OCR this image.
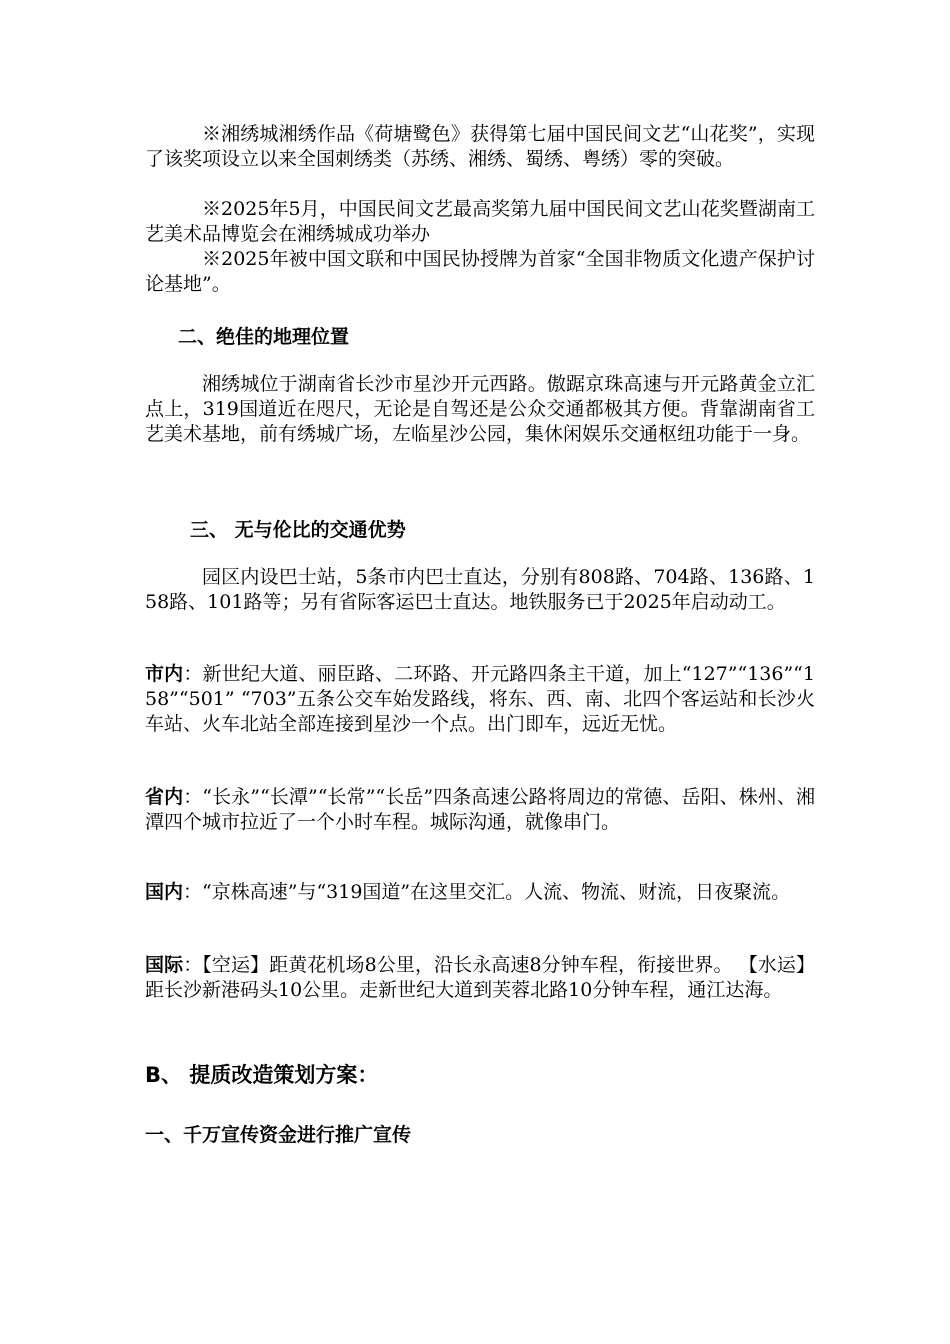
※湘绣城湘绣作品《荷塘鹭色》获得第七届中国民间文艺“山花奖”，实现了该奖项设立以来全国刺绣类（苏绣、湘绣、蜀绣、粤绣）零的突破。

※2025年5月，中国民间文艺最高奖第九届中国民间文艺山花奖暨湖南工艺美术品博览会在湘绣城成功举办

※2025年被中国文联和中国民协授牌为首家“全国非物质文化遗产保护讨论基地”。

二、绝佳的地理位置

湘绣城位于湖南省长沙市星沙开元西路。傲踞京珠高速与开元路黄金立汇点上，319国道近在咫尺，无论是自驾还是公众交通都极其方便。背靠湖南省工艺美术基地，前有绣城广场，左临星沙公园，集休闲娱乐交通枢纽功能于一身。

三、 无与伦比的交通优势

园区内设巴士站，5条市内巴士直达，分别有808路、704路、136路、158路、101路等；另有省际客运巴士直达。地铁服务已于2025年启动动工。

市内：新世纪大道、丽臣路、二环路、开元路四条主干道，加上“127”“136”“158”“501” “703”五条公交车始发路线，将东、西、南、北四个客运站和长沙火车站、火车北站全部连接到星沙一个点。出门即车，远近无忧。

省内：“长永”“长潭”“长常”“长岳”四条高速公路将周边的常德、岳阳、株州、湘潭四个城市拉近了一个小时车程。城际沟通，就像串门。

国内：“京株高速”与“319国道”在这里交汇。人流、物流、财流，日夜聚流。

国际：【空运】距黄花机场8公里，沿长永高速8分钟车程，衔接世界。 【水运】距长沙新港码头10公里。走新世纪大道到芙蓉北路10分钟车程，通江达海。

B、 提质改造策划方案：
一、千万宣传资金进行推广宣传
